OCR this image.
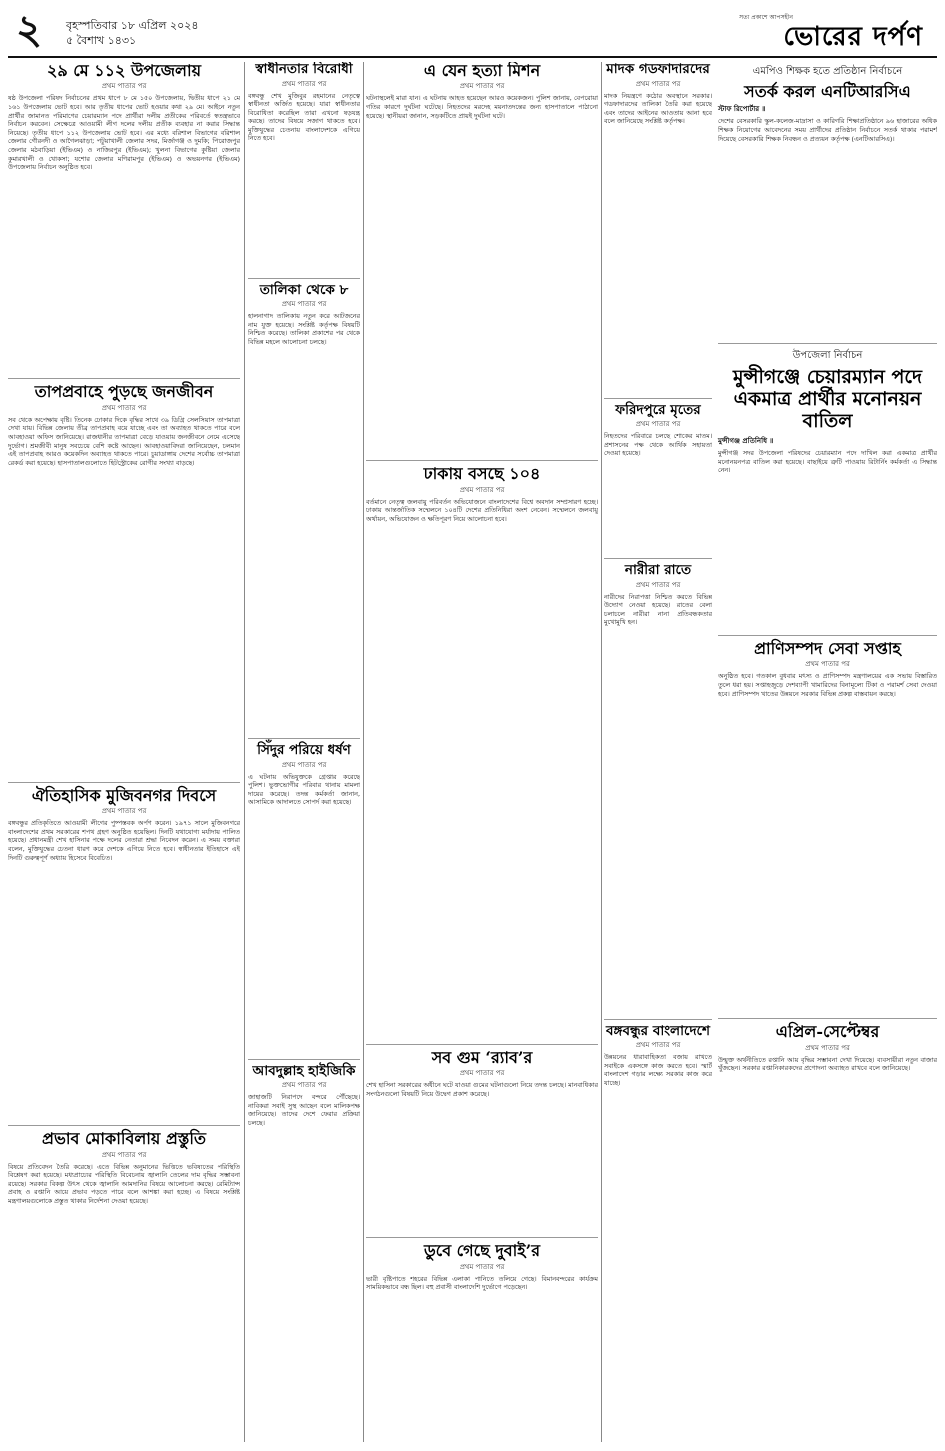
২ বৃহস্পতিবার ১৮ এপ্রিল ২০২৪
৫ বৈশাখ ১৪৩১
সত্য প্রকাশে আপসহীন
ভোরের দর্পণ
২৯ মে ১১২ উপজেলায়
প্রথম পাতার পর
ষষ্ঠ উপজেলা পরিষদ নির্বাচনের প্রথম ধাপে ৮ মে ১৫০ উপজেলায়, দ্বিতীয় ধাপে ২১ মে ১৬১ উপজেলায় ভোট হবে। আর তৃতীয় ধাপের ভোট হওয়ার কথা ২৯ মে। আইনে নতুন প্রার্থীর জামানত পরিমাণের চেয়ারম্যান পদে প্রার্থীরা দলীয় প্রতীকের পরিবর্তে স্বতন্ত্রভাবে নির্বাচন করবেন। সেক্ষেত্রে আওয়ামী লীগ দলের দলীয় প্রতীক ব্যবহার না করার সিদ্ধান্ত নিয়েছে। তৃতীয় ধাপে ১১২ উপজেলায় ভোট হবে। এর মধ্যে বরিশাল বিভাগের বরিশাল জেলার গৌরনদী ও আগৈলঝাড়া; পটুয়াখালী জেলার সদর, মির্জাগঞ্জ ও দুমকি; পিরোজপুর জেলার মঠবাড়িয়া (ইভিএম) ও নাজিরপুর (ইভিএম); খুলনা বিভাগের কুষ্টিয়া জেলার কুমারখালী ও খোকসা; যশোর জেলার মণিরামপুর (ইভিএম) ও অভয়নগর (ইভিএম) উপজেলায় নির্বাচন অনুষ্ঠিত হবে।
তাপপ্রবাহে পুড়ছে জনজীবন
প্রথম পাতার পর
সব থেকে অপেক্ষায় বৃষ্টি। তিনেক ঢোকার দিকে বৃদ্ধির সাথে ৩৯ ডিগ্রি সেলসিয়াস তাপমাত্রা দেখা যায়। বিভিন্ন জেলায় তীব্র তাপপ্রবাহ বয়ে যাচ্ছে এবং তা অব্যাহত থাকতে পারে বলে আবহাওয়া অফিস জানিয়েছে। রাজধানীর তাপমাত্রা বেড়ে যাওয়ায় জনজীবনে নেমে এসেছে দুর্ভোগ। শ্রমজীবী মানুষ সবচেয়ে বেশি কষ্টে আছেন। আবহাওয়াবিদরা জানিয়েছেন, চলমান এই তাপপ্রবাহ আরও কয়েকদিন অব্যাহত থাকতে পারে। চুয়াডাঙ্গায় দেশের সর্বোচ্চ তাপমাত্রা রেকর্ড করা হয়েছে। হাসপাতালগুলোতে হিটস্ট্রোকের রোগীর সংখ্যা বাড়ছে।
ঐতিহাসিক মুজিবনগর দিবসে
প্রথম পাতার পর
বঙ্গবন্ধুর প্রতিকৃতিতে আওয়ামী লীগের পুষ্পস্তবক অর্পণ করেন। ১৯৭১ সালে মুজিবনগরে বাংলাদেশের প্রথম সরকারের শপথ গ্রহণ অনুষ্ঠিত হয়েছিল। দিনটি যথাযোগ্য মর্যাদায় পালিত হয়েছে। প্রধানমন্ত্রী শেখ হাসিনার পক্ষে দলের নেতারা শ্রদ্ধা নিবেদন করেন। এ সময় বক্তারা বলেন, মুক্তিযুদ্ধের চেতনা ধারণ করে দেশকে এগিয়ে নিতে হবে। স্বাধীনতার ইতিহাসে এই দিনটি গুরুত্বপূর্ণ অধ্যায় হিসেবে বিবেচিত।
প্রভাব মোকাবিলায় প্রস্তুতি
প্রথম পাতার পর
বিষয়ে প্রতিবেদন তৈরি করেছে। এতে বিভিন্ন অনুমানের ভিত্তিতে ভবিষ্যতের পরিস্থিতি বিশ্লেষণ করা হয়েছে। মধ্যপ্রাচ্যের পরিস্থিতি বিবেচনায় জ্বালানি তেলের দাম বৃদ্ধির সম্ভাবনা রয়েছে। সরকার বিকল্প উৎস থেকে জ্বালানি আমদানির বিষয়ে আলোচনা করছে। রেমিট্যান্স প্রবাহ ও রপ্তানি আয়ে প্রভাব পড়তে পারে বলে আশঙ্কা করা হচ্ছে। এ বিষয়ে সংশ্লিষ্ট মন্ত্রণালয়গুলোকে প্রস্তুত থাকার নির্দেশনা দেওয়া হয়েছে।
স্বাধীনতার বিরোধী
প্রথম পাতার পর
বঙ্গবন্ধু শেখ মুজিবুর রহমানের নেতৃত্বে স্বাধীনতা অর্জিত হয়েছে। যারা স্বাধীনতার বিরোধিতা করেছিল তারা এখনো ষড়যন্ত্র করছে। তাদের বিষয়ে সজাগ থাকতে হবে। মুক্তিযুদ্ধের চেতনায় বাংলাদেশকে এগিয়ে নিতে হবে।
তালিকা থেকে ৮
প্রথম পাতার পর
হালনাগাদ তালিকায় নতুন করে আটজনের নাম যুক্ত হয়েছে। সংশ্লিষ্ট কর্তৃপক্ষ বিষয়টি নিশ্চিত করেছে। তালিকা প্রকাশের পর থেকে বিভিন্ন মহলে আলোচনা চলছে।
সিঁদুর পরিয়ে ধর্ষণ
প্রথম পাতার পর
এ ঘটনায় অভিযুক্তকে গ্রেপ্তার করেছে পুলিশ। ভুক্তভোগীর পরিবার থানায় মামলা দায়ের করেছে। তদন্ত কর্মকর্তা জানান, আসামিকে আদালতে সোপর্দ করা হয়েছে।
আবদুল্লাহ হাইজিকি
প্রথম পাতার পর
জাহাজটি নিরাপদে বন্দরে পৌঁছেছে। নাবিকরা সবাই সুস্থ আছেন বলে মালিকপক্ষ জানিয়েছে। তাদের দেশে ফেরার প্রক্রিয়া চলছে।
এ যেন হত্যা মিশন
প্রথম পাতার পর
ঘটনাস্থলেই মারা যান। এ ঘটনায় আহত হয়েছেন আরও কয়েকজন। পুলিশ জানায়, বেপরোয়া গতির কারণে দুর্ঘটনা ঘটেছে। নিহতদের মরদেহ ময়নাতদন্তের জন্য হাসপাতালে পাঠানো হয়েছে। স্থানীয়রা জানান, সড়কটিতে প্রায়ই দুর্ঘটনা ঘটে।
ঢাকায় বসছে ১০৪
প্রথম পাতার পর
বর্তমানে নেতৃত্ব জলবায়ু পরিবর্তন অভিযোজনে বাংলাদেশের বিশ্বে অবদান সম্প্রসারণ হচ্ছে। ঢাকায় আন্তর্জাতিক সম্মেলনে ১০৪টি দেশের প্রতিনিধিরা অংশ নেবেন। সম্মেলনে জলবায়ু অর্থায়ন, অভিযোজন ও ক্ষতিপূরণ নিয়ে আলোচনা হবে।
সব গুম ‘র‍্যাব’র
প্রথম পাতার পর
শেখ হাসিনা সরকারের অধীনে ঘটে যাওয়া গুমের ঘটনাগুলো নিয়ে তদন্ত চলছে। মানবাধিকার সংগঠনগুলো বিষয়টি নিয়ে উদ্বেগ প্রকাশ করেছে।
ডুবে গেছে দুবাই’র
প্রথম পাতার পর
ভারী বৃষ্টিপাতে শহরের বিভিন্ন এলাকা পানিতে তলিয়ে গেছে। বিমানবন্দরের কার্যক্রম সাময়িকভাবে বন্ধ ছিল। বহু প্রবাসী বাংলাদেশি দুর্ভোগে পড়েছেন।
মাদক গডফাদারদের
প্রথম পাতার পর
মাদক নিয়ন্ত্রণে কঠোর অবস্থানে সরকার। গডফাদারদের তালিকা তৈরি করা হয়েছে এবং তাদের আইনের আওতায় আনা হবে বলে জানিয়েছে সংশ্লিষ্ট কর্তৃপক্ষ।
ফরিদপুরে মৃতের
প্রথম পাতার পর
নিহতদের পরিবারে চলছে শোকের মাতম। প্রশাসনের পক্ষ থেকে আর্থিক সহায়তা দেওয়া হয়েছে।
নারীরা রাতে
প্রথম পাতার পর
নারীদের নিরাপত্তা নিশ্চিত করতে বিভিন্ন উদ্যোগ নেওয়া হয়েছে। রাতের বেলা চলাচলে নারীরা নানা প্রতিবন্ধকতার মুখোমুখি হন।
বঙ্গবন্ধুর বাংলাদেশে
প্রথম পাতার পর
উন্নয়নের ধারাবাহিকতা বজায় রাখতে সবাইকে একসঙ্গে কাজ করতে হবে। স্মার্ট বাংলাদেশ গড়ার লক্ষ্যে সরকার কাজ করে যাচ্ছে।
এমপিও শিক্ষক হতে প্রতিষ্ঠান নির্বাচনে
সতর্ক করল এনটিআরসিএ
স্টাফ রিপোর্টার ॥
দেশের বেসরকারি স্কুল-কলেজ-মাদ্রাসা ও কারিগরি শিক্ষাপ্রতিষ্ঠানে ৯৬ হাজারের অধিক শিক্ষক নিয়োগের আবেদনের সময় প্রার্থীদের প্রতিষ্ঠান নির্বাচনে সতর্ক থাকার পরামর্শ দিয়েছে বেসরকারি শিক্ষক নিবন্ধন ও প্রত্যয়ন কর্তৃপক্ষ (এনটিআরসিএ)।
উপজেলা নির্বাচন
মুন্সীগঞ্জে চেয়ারম্যান পদে একমাত্র প্রার্থীর মনোনয়ন বাতিল
মুন্সীগঞ্জ প্রতিনিধি ॥
মুন্সীগঞ্জ সদর উপজেলা পরিষদের চেয়ারম্যান পদে দাখিল করা একমাত্র প্রার্থীর মনোনয়নপত্র বাতিল করা হয়েছে। বাছাইয়ে ত্রুটি পাওয়ায় রিটার্নিং কর্মকর্তা এ সিদ্ধান্ত নেন।
প্রাণিসম্পদ সেবা সপ্তাহ
প্রথম পাতার পর
অনুষ্ঠিত হবে। গতকাল বুধবার মৎস্য ও প্রাণিসম্পদ মন্ত্রণালয়ের এক সভায় বিস্তারিত তুলে ধরা হয়। সপ্তাহজুড়ে দেশব্যাপী খামারিদের বিনামূল্যে টিকা ও পরামর্শ সেবা দেওয়া হবে। প্রাণিসম্পদ খাতের উন্নয়নে সরকার বিভিন্ন প্রকল্প বাস্তবায়ন করছে।
এপ্রিল-সেপ্টেম্বর
প্রথম পাতার পর
উন্মুক্ত অর্থনীতিতে রপ্তানি আয় বৃদ্ধির সম্ভাবনা দেখা দিয়েছে। ব্যবসায়ীরা নতুন বাজার খুঁজছেন। সরকার রপ্তানিকারকদের প্রণোদনা অব্যাহত রাখবে বলে জানিয়েছে।
